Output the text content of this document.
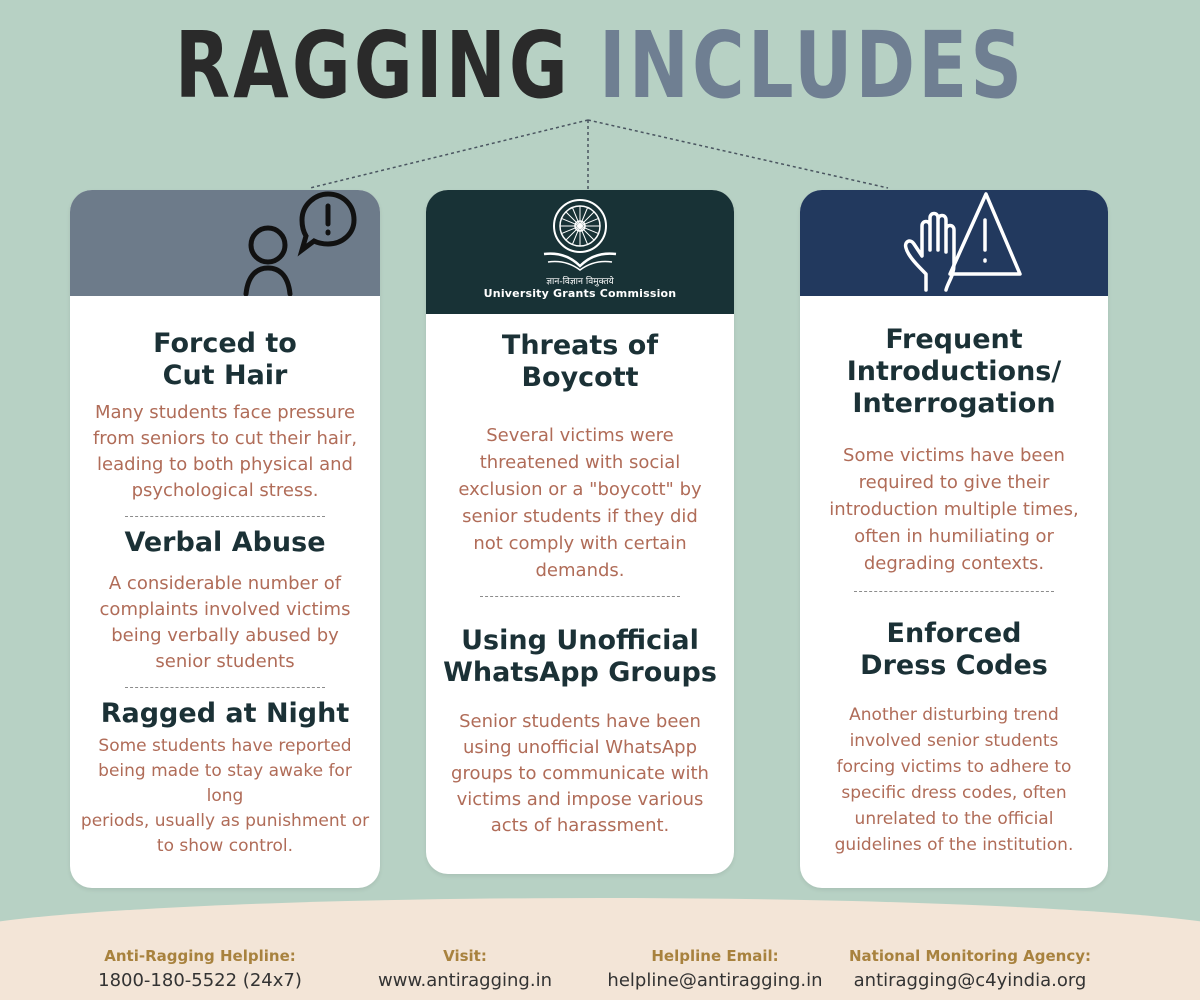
RAGGING INCLUDES
Forced to
Cut Hair
Many students face pressure
from seniors to cut their hair,
leading to both physical and
psychological stress.
Verbal Abuse
A considerable number of
complaints involved victims
being verbally abused by
senior students
Ragged at Night
Some students have reported
being made to stay awake for long
periods, usually as punishment or
to show control.
ज्ञान-विज्ञान विमुक्तये
University Grants Commission
Threats of
Boycott
Several victims were
threatened with social
exclusion or a "boycott" by
senior students if they did
not comply with certain
demands.
Using Unofficial
WhatsApp Groups
Senior students have been
using unofficial WhatsApp
groups to communicate with
victims and impose various
acts of harassment.
Frequent
Introductions/
Interrogation
Some victims have been
required to give their
introduction multiple times,
often in humiliating or
degrading contexts.
Enforced
Dress Codes
Another disturbing trend
involved senior students
forcing victims to adhere to
specific dress codes, often
unrelated to the official
guidelines of the institution.
Anti-Ragging Helpline:
1800-180-5522 (24x7)
Visit:
www.antiragging.in
Helpline Email:
helpline@antiragging.in
National Monitoring Agency:
antiragging@c4yindia.org
